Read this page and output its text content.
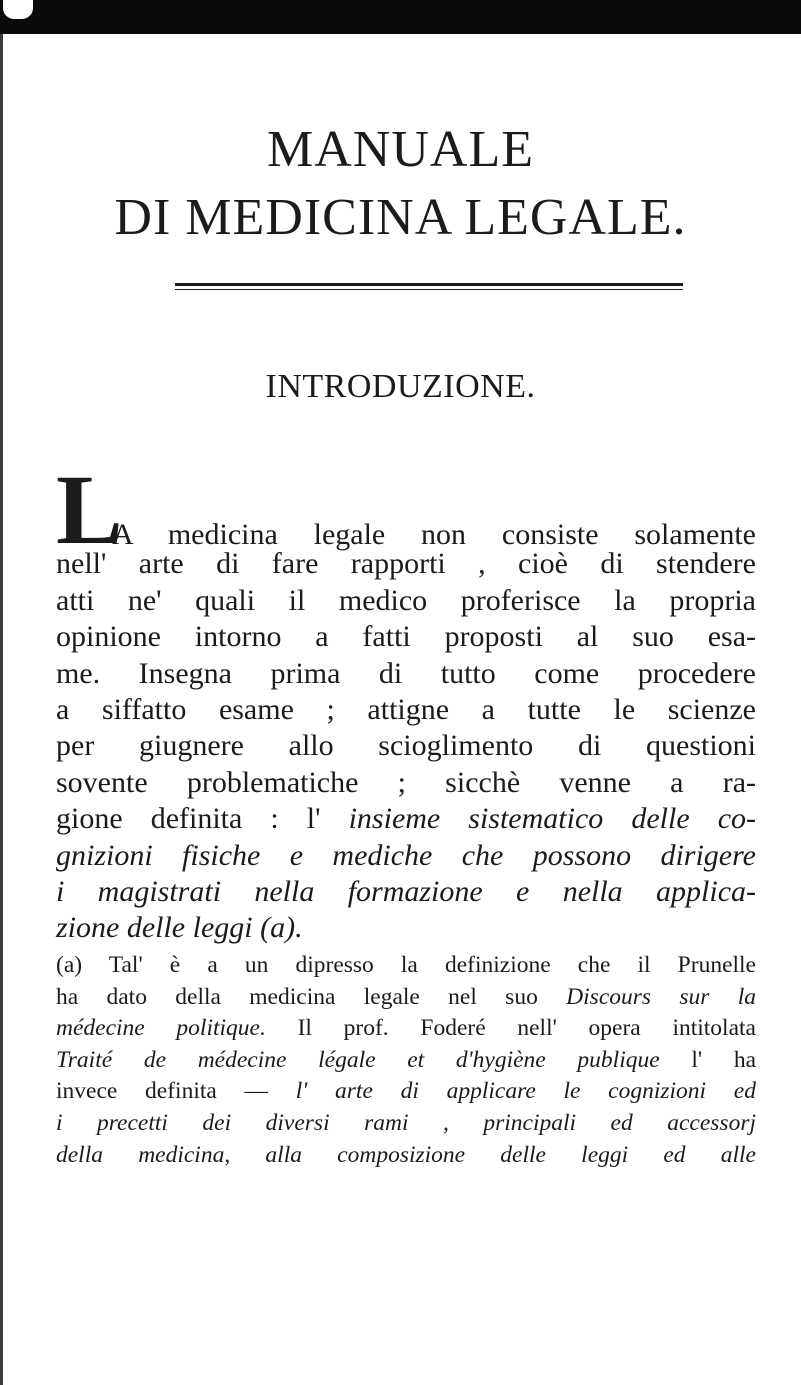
MANUALE
DI MEDICINA LEGALE.
INTRODUZIONE.
L
A medicina legale non consiste solamente
nell' arte di fare rapporti , cioè di stendere
atti ne' quali il medico proferisce la propria
opinione intorno a fatti proposti al suo esa-
me. Insegna prima di tutto come procedere
a siffatto esame ; attigne a tutte le scienze
per giugnere allo scioglimento di questioni
sovente problematiche ; sicchè venne a ra-
gione definita : l' insieme sistematico delle co-
gnizioni fisiche e mediche che possono dirigere
i magistrati nella formazione e nella applica-
zione delle leggi (a).
(a) Tal' è a un dipresso la definizione che il Prunelle
ha dato della medicina legale nel suo Discours sur la
médecine politique. Il prof. Foderé nell' opera intitolata
Traité de médecine légale et d'hygiène publique l' ha
invece definita — l' arte di applicare le cognizioni ed
i precetti dei diversi rami , principali ed accessorj
della medicina, alla composizione delle leggi ed alle
